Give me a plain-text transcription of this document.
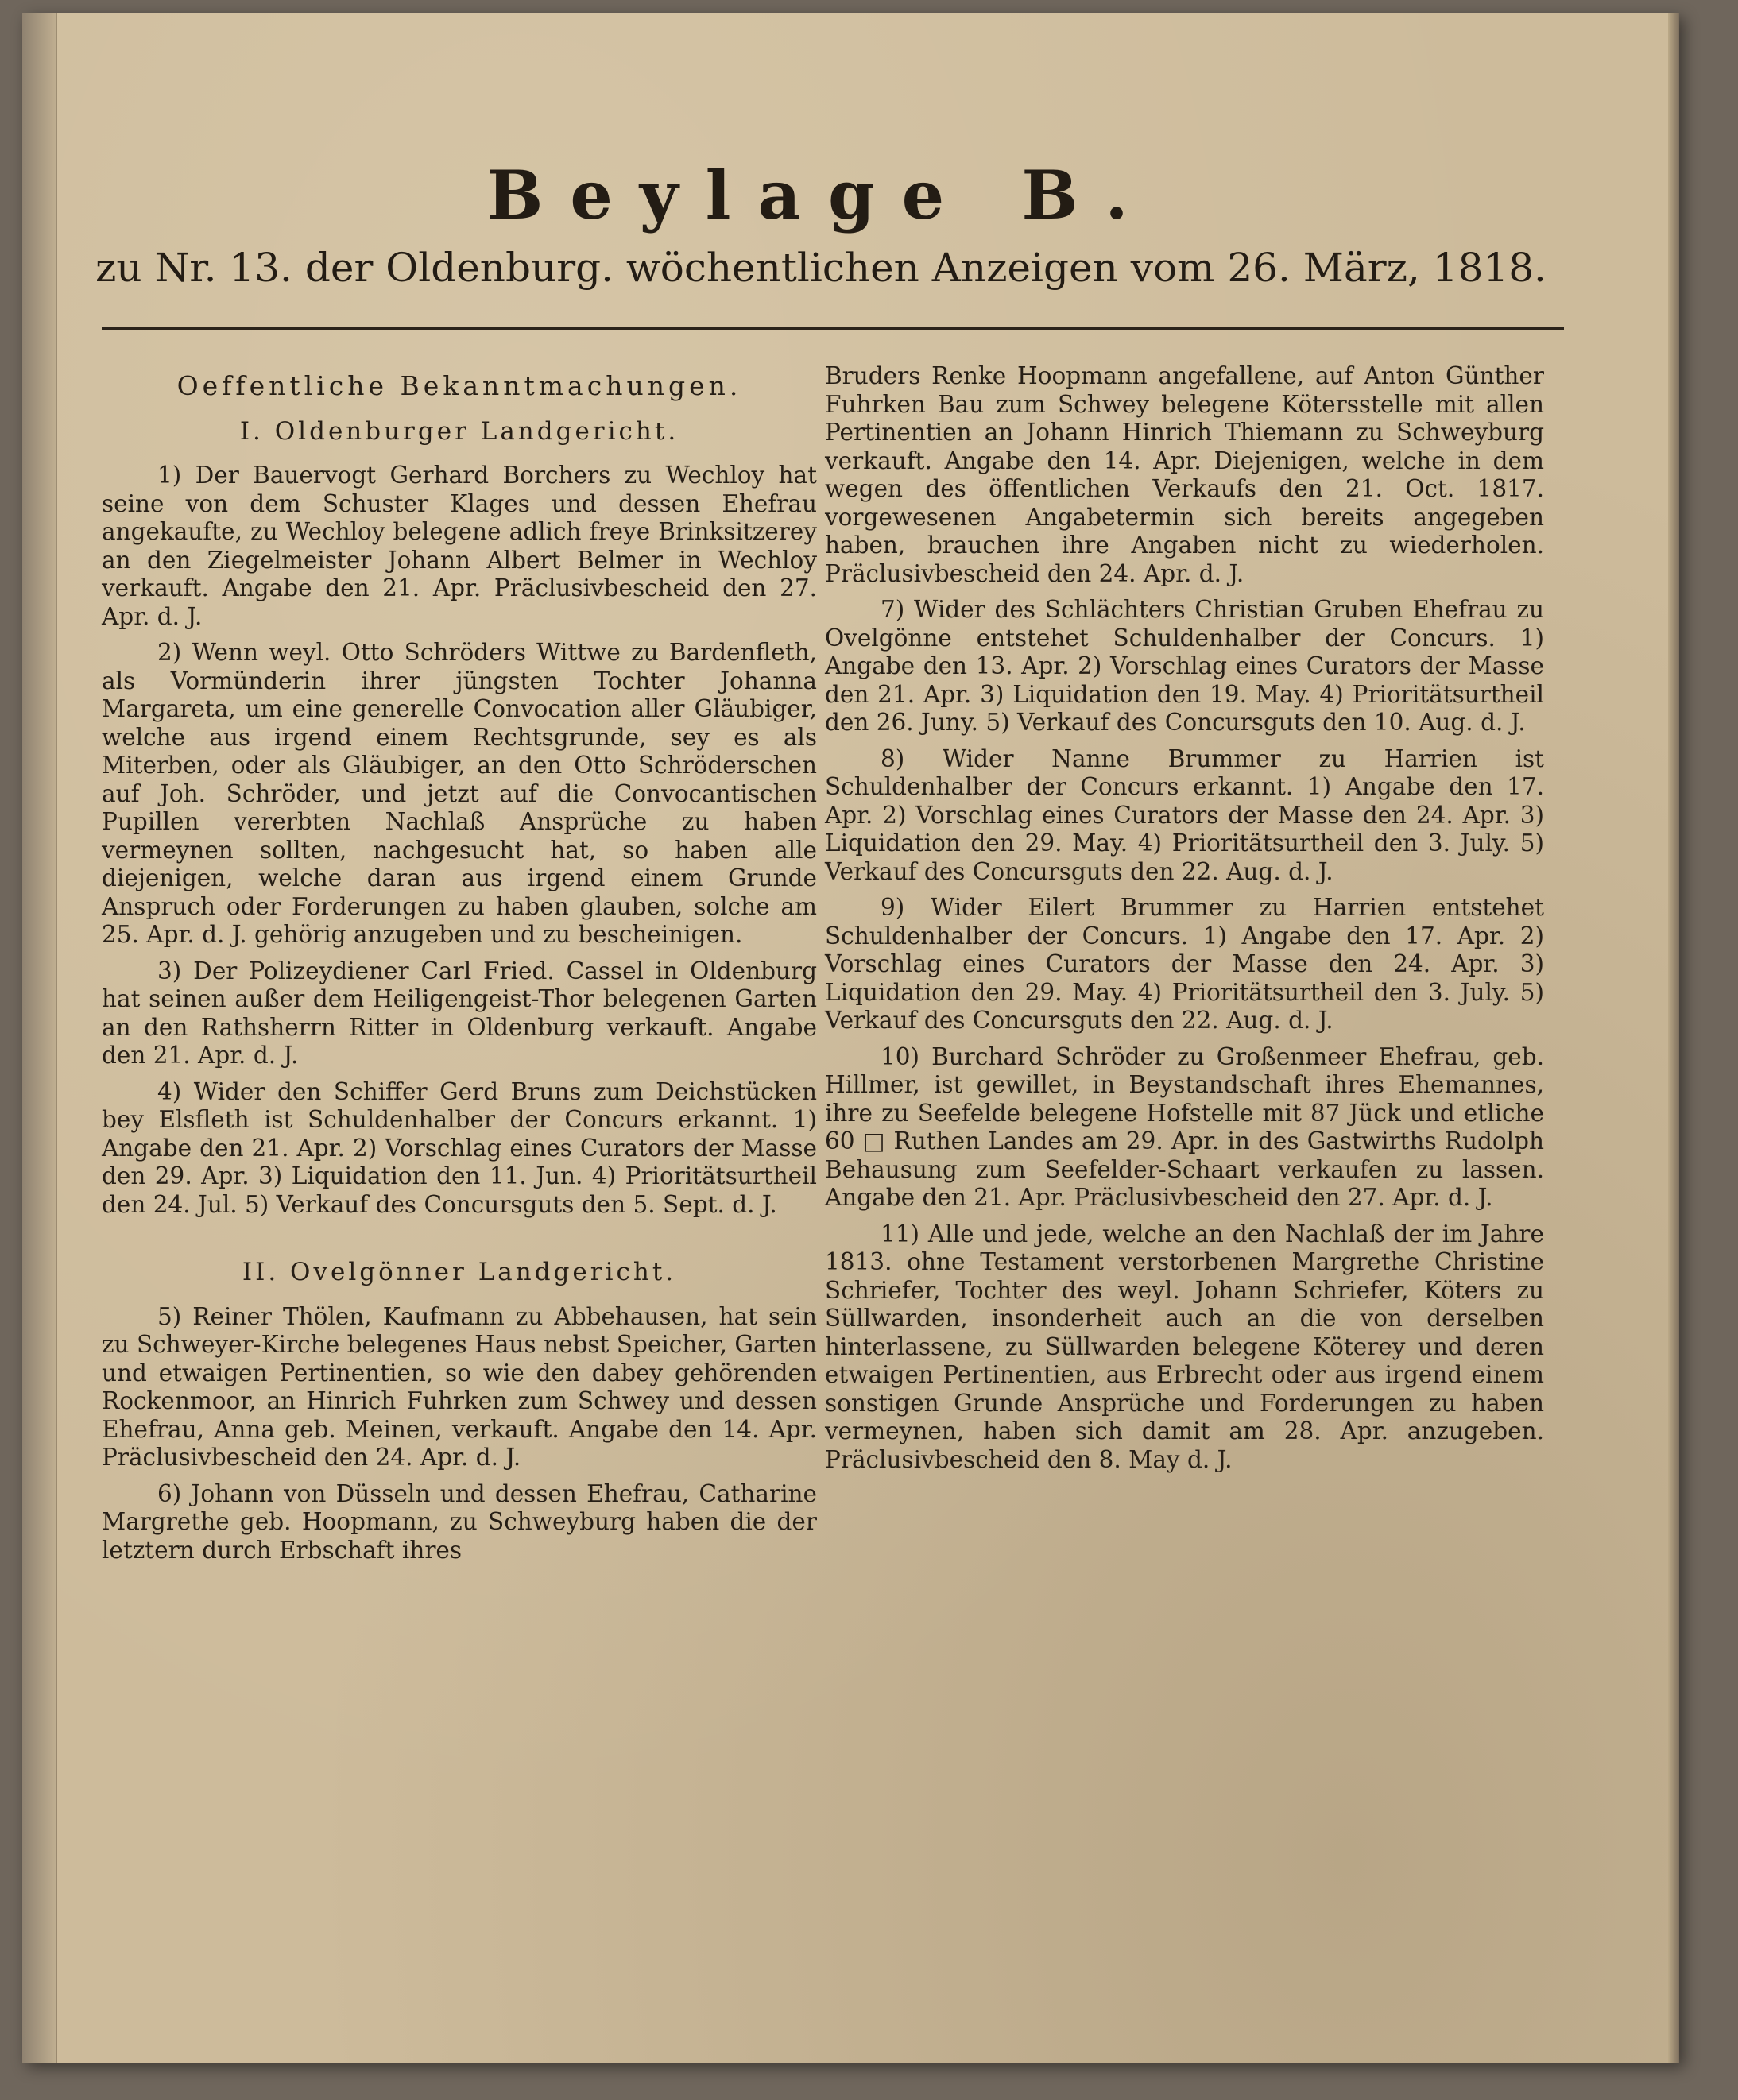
Beylage B.
zu Nr. 13. der Oldenburg. wöchentlichen Anzeigen vom 26. März, 1818.
Oeffentliche Bekanntmachungen.
I. Oldenburger Landgericht.

1) Der Bauervogt Gerhard Borchers zu Wechloy hat seine von dem Schuster Klages und dessen Ehefrau angekaufte, zu Wechloy belegene adlich freye Brinksitzerey an den Ziegelmeister Johann Albert Belmer in Wechloy verkauft. Angabe den 21. Apr. Präclusivbescheid den 27. Apr. d. J.

2) Wenn weyl. Otto Schröders Wittwe zu Bardenfleth, als Vormünderin ihrer jüngsten Tochter Johanna Margareta, um eine generelle Convocation aller Gläubiger, welche aus irgend einem Rechtsgrunde, sey es als Miterben, oder als Gläubiger, an den Otto Schröderschen auf Joh. Schröder, und jetzt auf die Convocantischen Pupillen vererbten Nachlaß Ansprüche zu haben vermeynen sollten, nachgesucht hat, so haben alle diejenigen, welche daran aus irgend einem Grunde Anspruch oder Forderungen zu haben glauben, solche am 25. Apr. d. J. gehörig anzugeben und zu bescheinigen.

3) Der Polizeydiener Carl Fried. Cassel in Oldenburg hat seinen außer dem Heiligengeist-Thor belegenen Garten an den Rathsherrn Ritter in Oldenburg verkauft. Angabe den 21. Apr. d. J.

4) Wider den Schiffer Gerd Bruns zum Deichstücken bey Elsfleth ist Schuldenhalber der Concurs erkannt. 1) Angabe den 21. Apr. 2) Vorschlag eines Curators der Masse den 29. Apr. 3) Liquidation den 11. Jun. 4) Prioritätsurtheil den 24. Jul. 5) Verkauf des Concursguts den 5. Sept. d. J.

II. Ovelgönner Landgericht.

5) Reiner Thölen, Kaufmann zu Abbehausen, hat sein zu Schweyer-Kirche belegenes Haus nebst Speicher, Garten und etwaigen Pertinentien, so wie den dabey gehörenden Rockenmoor, an Hinrich Fuhrken zum Schwey und dessen Ehefrau, Anna geb. Meinen, verkauft. Angabe den 14. Apr. Präclusivbescheid den 24. Apr. d. J.

6) Johann von Düsseln und dessen Ehefrau, Catharine Margrethe geb. Hoopmann, zu Schweyburg haben die der letztern durch Erbschaft ihres

Bruders Renke Hoopmann angefallene, auf Anton Günther Fuhrken Bau zum Schwey belegene Kötersstelle mit allen Pertinentien an Johann Hinrich Thiemann zu Schweyburg verkauft. Angabe den 14. Apr. Diejenigen, welche in dem wegen des öffentlichen Verkaufs den 21. Oct. 1817. vorgewesenen Angabetermin sich bereits angegeben haben, brauchen ihre Angaben nicht zu wiederholen. Präclusivbescheid den 24. Apr. d. J.

7) Wider des Schlächters Christian Gruben Ehefrau zu Ovelgönne entstehet Schuldenhalber der Concurs. 1) Angabe den 13. Apr. 2) Vorschlag eines Curators der Masse den 21. Apr. 3) Liquidation den 19. May. 4) Prioritätsurtheil den 26. Juny. 5) Verkauf des Concursguts den 10. Aug. d. J.

8) Wider Nanne Brummer zu Harrien ist Schuldenhalber der Concurs erkannt. 1) Angabe den 17. Apr. 2) Vorschlag eines Curators der Masse den 24. Apr. 3) Liquidation den 29. May. 4) Prioritätsurtheil den 3. July. 5) Verkauf des Concursguts den 22. Aug. d. J.

9) Wider Eilert Brummer zu Harrien entstehet Schuldenhalber der Concurs. 1) Angabe den 17. Apr. 2) Vorschlag eines Curators der Masse den 24. Apr. 3) Liquidation den 29. May. 4) Prioritätsurtheil den 3. July. 5) Verkauf des Concursguts den 22. Aug. d. J.

10) Burchard Schröder zu Großenmeer Ehefrau, geb. Hillmer, ist gewillet, in Beystandschaft ihres Ehemannes, ihre zu Seefelde belegene Hofstelle mit 87 Jück und etliche 60 □ Ruthen Landes am 29. Apr. in des Gastwirths Rudolph Behausung zum Seefelder-Schaart verkaufen zu lassen. Angabe den 21. Apr. Präclusivbescheid den 27. Apr. d. J.

11) Alle und jede, welche an den Nachlaß der im Jahre 1813. ohne Testament verstorbenen Margrethe Christine Schriefer, Tochter des weyl. Johann Schriefer, Köters zu Süllwarden, insonderheit auch an die von derselben hinterlassene, zu Süllwarden belegene Köterey und deren etwaigen Pertinentien, aus Erbrecht oder aus irgend einem sonstigen Grunde Ansprüche und Forderungen zu haben vermeynen, haben sich damit am 28. Apr. anzugeben. Präclusivbescheid den 8. May d. J.
